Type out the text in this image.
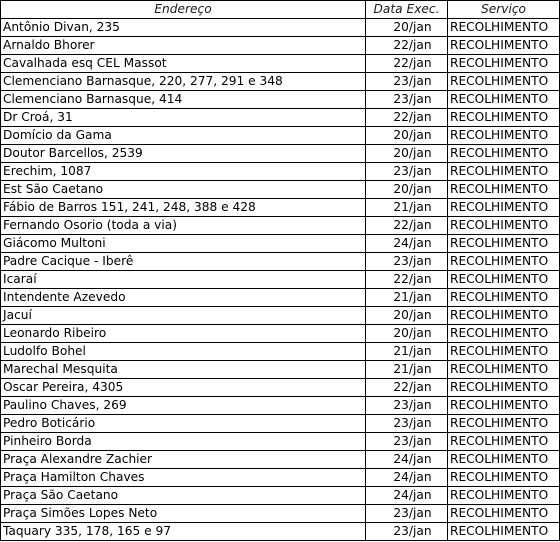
Endereço	Data Exec.	Serviço
Antônio Divan, 235	20/jan	RECOLHIMENTO
Arnaldo Bhorer	22/jan	RECOLHIMENTO
Cavalhada esq CEL Massot	22/jan	RECOLHIMENTO
Clemenciano Barnasque, 220, 277, 291 e 348	23/jan	RECOLHIMENTO
Clemenciano Barnasque, 414	23/jan	RECOLHIMENTO
Dr Croá, 31	22/jan	RECOLHIMENTO
Domício da Gama	20/jan	RECOLHIMENTO
Doutor Barcellos, 2539	20/jan	RECOLHIMENTO
Erechim, 1087	23/jan	RECOLHIMENTO
Est São Caetano	20/jan	RECOLHIMENTO
Fábio de Barros 151, 241, 248, 388 e 428	21/jan	RECOLHIMENTO
Fernando Osorio (toda a via)	22/jan	RECOLHIMENTO
Giácomo Multoni	24/jan	RECOLHIMENTO
Padre Cacique - Iberê	23/jan	RECOLHIMENTO
Icaraí	22/jan	RECOLHIMENTO
Intendente Azevedo	21/jan	RECOLHIMENTO
Jacuí	20/jan	RECOLHIMENTO
Leonardo Ribeiro	20/jan	RECOLHIMENTO
Ludolfo Bohel	21/jan	RECOLHIMENTO
Marechal Mesquita	21/jan	RECOLHIMENTO
Oscar Pereira, 4305	22/jan	RECOLHIMENTO
Paulino Chaves, 269	23/jan	RECOLHIMENTO
Pedro Boticário	23/jan	RECOLHIMENTO
Pinheiro Borda	23/jan	RECOLHIMENTO
Praça Alexandre Zachier	24/jan	RECOLHIMENTO
Praça Hamilton Chaves	24/jan	RECOLHIMENTO
Praça São Caetano	24/jan	RECOLHIMENTO
Praça Simões Lopes Neto	23/jan	RECOLHIMENTO
Taquary 335, 178, 165 e 97	23/jan	RECOLHIMENTO
